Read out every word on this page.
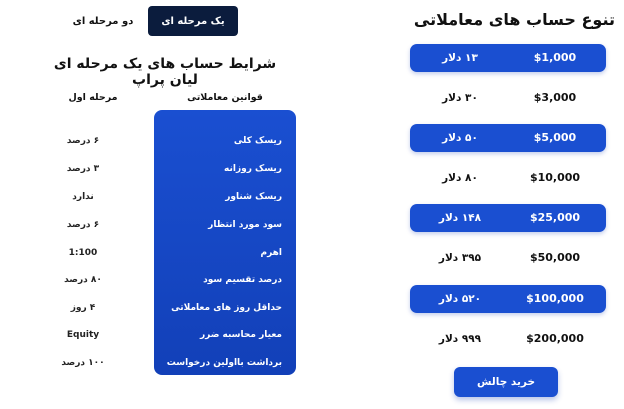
دو مرحله ای	یک مرحله ای
شرایط حساب های یک مرحله ای لیان پراپ
قوانین معاملاتی
مرحله اول
ریسک کلی
ریسک روزانه
ریسک شناور
سود مورد انتظار
اهرم
درصد تقسیم سود
حداقل روز های معاملاتی
معیار محاسبه ضرر
برداشت بااولین درخواست
۶ درصد
۳ درصد
ندارد
۶ درصد
1:100
۸۰ درصد
۴ روز
Equity
۱۰۰ درصد
تنوع حساب های معاملاتی
$1,000
۱۳ دلار
$3,000
۳۰ دلار
$5,000
۵۰ دلار
$10,000
۸۰ دلار
$25,000
۱۴۸ دلار
$50,000
۳۹۵ دلار
$100,000
۵۲۰ دلار
$200,000
۹۹۹ دلار
خرید چالش
